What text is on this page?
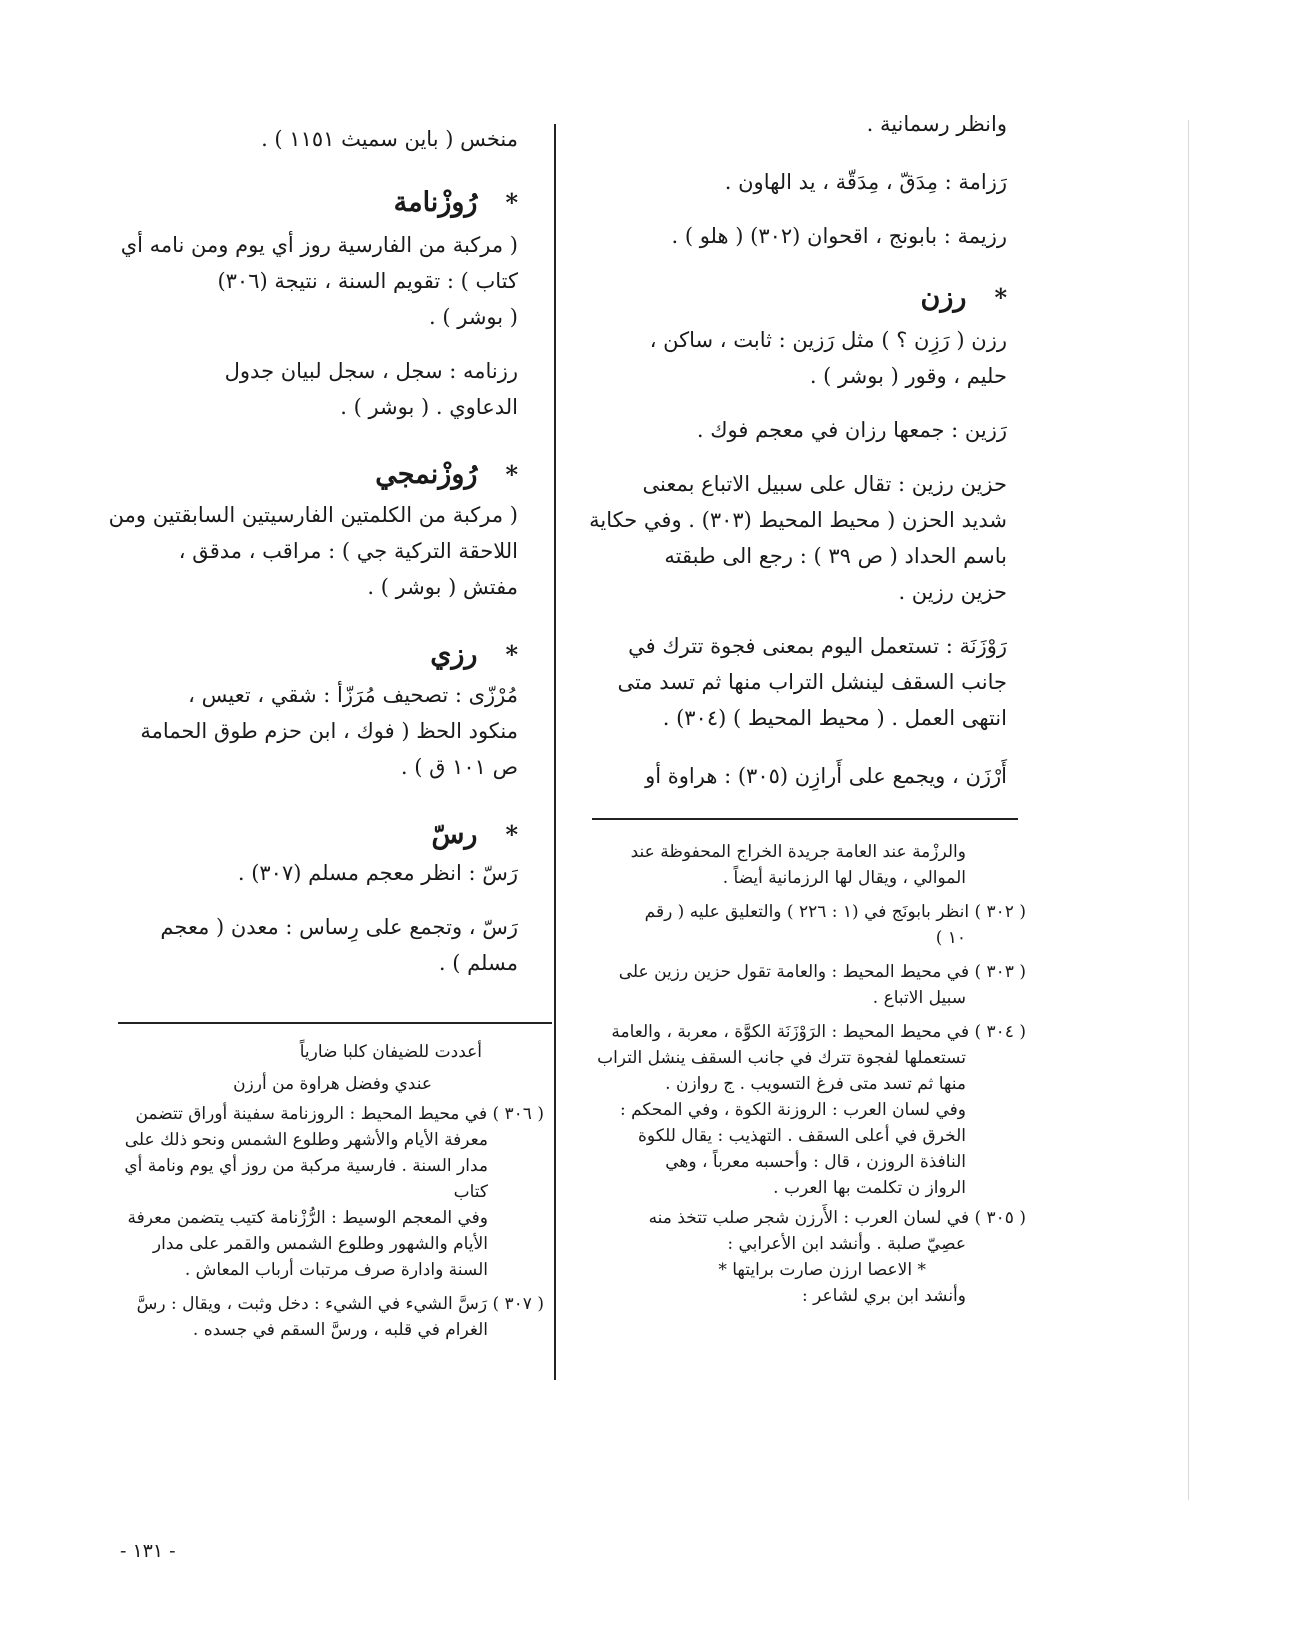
وانظر رسمانية .
رَزامة : مِدَقّ ، مِدَقّة ، يد الهاون .
رزيمة : بابونج ، اقحوان (٣٠٢) ( هلو ) .
*رزن
رزن ( رَزِن ؟ ) مثل رَزين : ثابت ، ساكن ،
حليم ، وقور ( بوشر ) .
رَزين : جمعها رزان في معجم فوك .
حزين رزين : تقال على سبيل الاتباع بمعنى
شديد الحزن ( محيط المحيط (٣٠٣) . وفي حكاية
باسم الحداد ( ص ٣٩ ) : رجع الى طبقته
حزين رزين .
رَوْزَنَة : تستعمل اليوم بمعنى فجوة تترك في
جانب السقف لينشل التراب منها ثم تسد متى
انتهى العمل . ( محيط المحيط ) (٣٠٤) .
أَرْزَن ، ويجمع على أَرازِن (٣٠٥) : هراوة أو
والرزْمة عند العامة جريدة الخراج المحفوظة عند
الموالي ، ويقال لها الرزمانية أيضاً .
( ٣٠٢ ) انظر بابونَج في (١ : ٢٢٦ ) والتعليق عليه ( رقم
١٠ )
( ٣٠٣ ) في محيط المحيط : والعامة تقول حزين رزين على
سبيل الاتباع .
( ٣٠٤ ) في محيط المحيط : الرَوْزَنَة الكوَّة ، معربة ، والعامة
تستعملها لفجوة تترك في جانب السقف ينشل التراب
منها ثم تسد متى فرغ التسويب . ج روازن .
وفي لسان العرب : الروزنة الكوة ، وفي المحكم :
الخرق في أعلى السقف . التهذيب : يقال للكوة
النافذة الروزن ، قال : وأحسبه معرباً ، وهي
الرواز ن تكلمت بها العرب .
( ٣٠٥ ) في لسان العرب : الأَرزن شجر صلب تتخذ منه
عصِيّ صلبة . وأنشد ابن الأعرابي :
* الاعصا ارزن صارت برايتها *
وأنشد ابن بري لشاعر :
منخس ( باين سميث ١١٥١ ) .
*رُوزْنامة
( مركبة من الفارسية روز أي يوم ومن نامه أي
كتاب ) : تقويم السنة ، نتيجة (٣٠٦)
( بوشر ) .
رزنامه : سجل ، سجل لبيان جدول
الدعاوي . ( بوشر ) .
*رُوزْنمجي
( مركبة من الكلمتين الفارسيتين السابقتين ومن
اللاحقة التركية جي ) : مراقب ، مدقق ،
مفتش ( بوشر ) .
*رزي
مُرْزّى : تصحيف مُرَزّأ : شقي ، تعيس ،
منكود الحظ ( فوك ، ابن حزم طوق الحمامة
ص ١٠١ ق ) .
*رسّ
رَسّ : انظر معجم مسلم (٣٠٧) .
رَسّ ، وتجمع على رِساس : معدن ( معجم
مسلم ) .
أعددت للضيفان كلبا ضارياً
عندي وفضل هراوة من أرزن
( ٣٠٦ ) في محيط المحيط : الروزنامة سفينة أوراق تتضمن
معرفة الأيام والأشهر وطلوع الشمس ونحو ذلك على
مدار السنة . فارسية مركبة من روز أي يوم ونامة أي
كتاب
وفي المعجم الوسيط : الرُّزْنامة كتيب يتضمن معرفة
الأيام والشهور وطلوع الشمس والقمر على مدار
السنة وادارة صرف مرتبات أرباب المعاش .
( ٣٠٧ ) رَسَّ الشيء في الشيء : دخل وثبت ، ويقال : رسَّ
الغرام في قلبه ، ورسَّ السقم في جسده .
- ١٣١ -
